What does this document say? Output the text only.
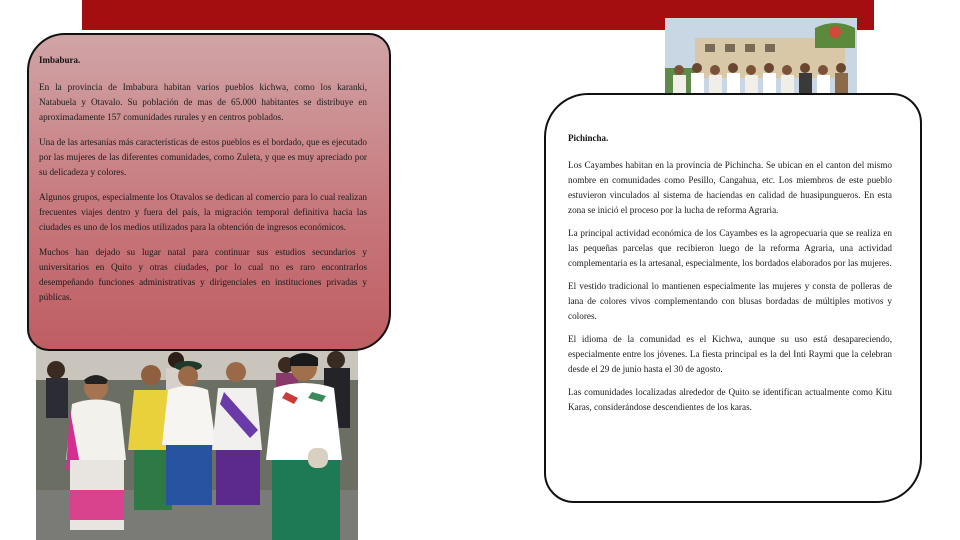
Imbabura.

En la provincia de Imbabura habitan varios pueblos kichwa, como los karanki, Natabuela y Otavalo. Su población de mas de 65.000 habitantes se distribuye en aproximadamente 157 comunidades rurales y en centros poblados.

Una de las artesanías más características de estos pueblos es el bordado, que es ejecutado por las mujeres de las diferentes comunidades, como Zuleta, y que es muy apreciado por su delicadeza y colores.

Algunos grupos, especialmente los Otavalos se dedican al comercio para lo cual realizan frecuentes viajes dentro y fuera del país, la migración temporal definitiva hacia las ciudades es uno de los medios utilizados para la obtención de ingresos económicos.

Muchos han dejado su lugar natal para continuar sus estudios secundarios y universitarios en Quito y otras ciudades, por lo cual no es raro encontrarlos desempeñando funciones administrativas y dirigenciales en instituciones privadas y públicas.

Pichincha.

Los Cayambes habitan en la provincia de Pichincha. Se ubican en el canton del mismo nombre en comunidades como Pesillo, Cangahua, etc. Los miembros de este pueblo estuvieron vinculados al sistema de haciendas en calidad de huasipungueros. En esta zona se inició el proceso por la lucha de reforma Agraria.

La principal actividad económica de los Cayambes es la agropecuaria que se realiza en las pequeñas parcelas que recibieron luego de la reforma Agraria, una actividad complementaria es la artesanal, especialmente, los bordados elaborados por las mujeres.

El vestido tradicional lo mantienen especialmente las mujeres y consta de polleras de lana de colores vivos complementando con blusas bordadas de múltiples motivos y colores.

El idioma de la comunidad es el Kichwa, aunque su uso está desapareciendo, especialmente entre los jóvenes. La fiesta principal es la del Inti Raymi que la celebran desde el 29 de junio hasta el 30 de agosto.

Las comunidades localizadas alrededor de Quito se identifican actualmente como Kitu Karas, considerándose descendientes de los karas.
